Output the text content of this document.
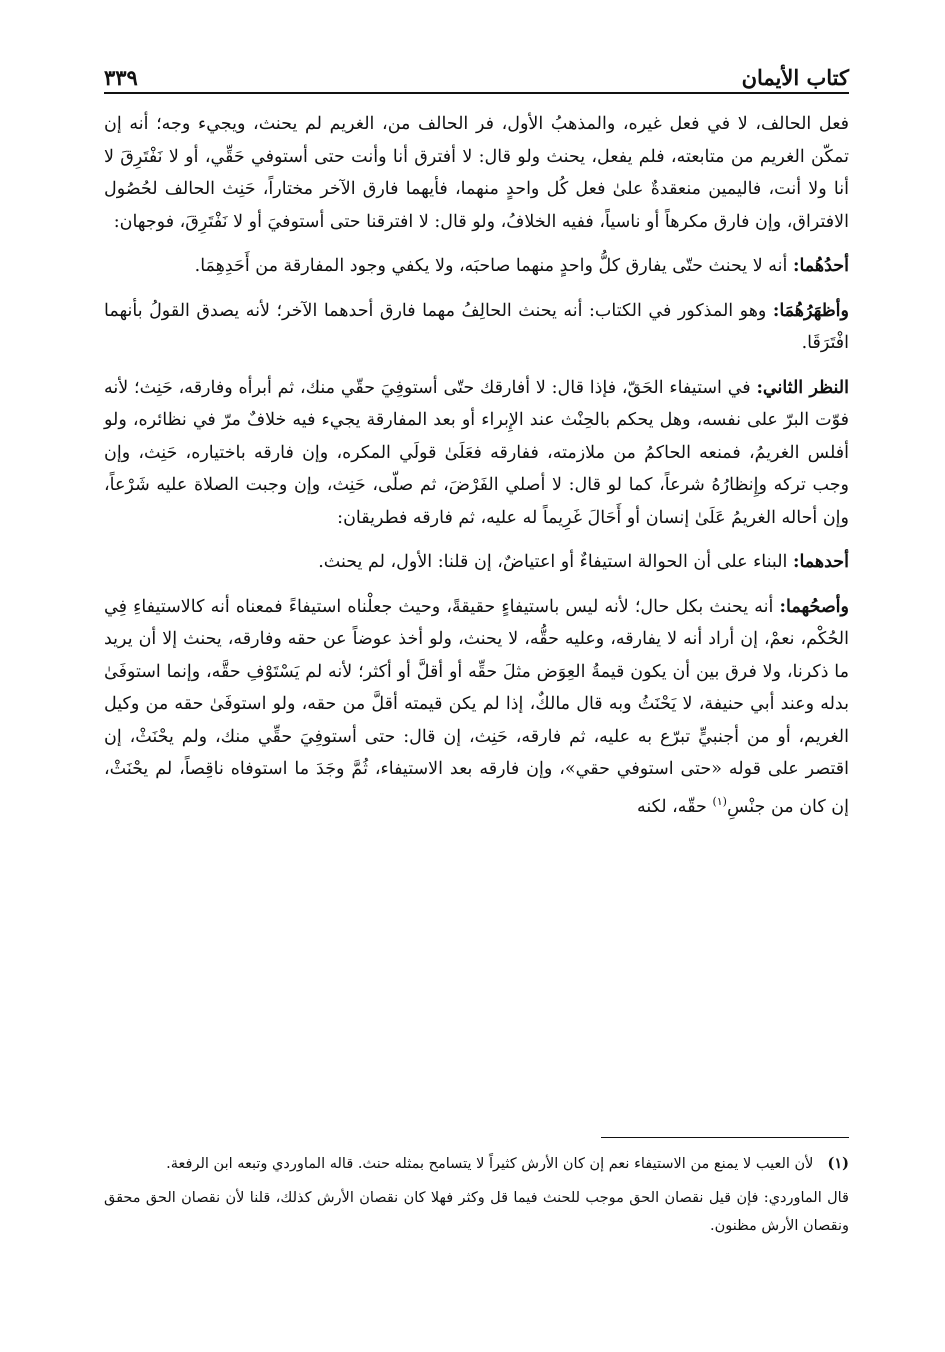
كتاب الأيمان
٣٣٩

فعل الحالف، لا في فعل غيره، والمذهبُ الأول، فر الحالف من، الغريم لم يحنث، ويجيء وجه؛ أنه إن تمكّن الغريم من متابعته، فلم يفعل، يحنث ولو قال: لا أفترق أنا وأنت حتى أستوفي حَقِّي، أو لا نَفْتَرِقَ لا أنا ولا أنت، فاليمين منعقدةٌ علىٰ فعل كُل واحدٍ منهما، فأيهما فارق الآخر مختاراً، حَنِث الحالف لحُصُول الافتراق، وإن فارق مكرهاً أو ناسياً، ففيه الخلافُ، ولو قال: لا افترقنا حتى أستوفيَ أو لا نَفْتَرِقَ، فوجهان:

أحدُهُما: أنه لا يحنث حتّى يفارق كلُّ واحدٍ منهما صاحبَه، ولا يكفي وجود المفارقة من أَحَدِهِمَا.

وأظهَرُهُمَا: وهو المذكور في الكتاب: أنه يحنث الحالِفُ مهما فارق أحدهما الآخر؛ لأنه يصدق القولُ بأنهما افْتَرَقَا.

النظر الثاني: في استيفاء الحَقّ، فإذا قال: لا أفارقك حتّى أستوفِيَ حقّي منك، ثم أبرأه وفارقه، حَنِث؛ لأنه فوّت البرّ على نفسه، وهل يحكم بالحِنْث عند الإِبراء أو بعد المفارقة يجيء فيه خلافٌ مرّ في نظائره، ولو أفلس الغريمُ، فمنعه الحاكمُ من ملازمته، ففارقه فعَلَىٰ قولَي المكره، وإن فارقه باختياره، حَنِث، وإن وجب تركه وإِنظارُهُ شرعاً، كما لو قال: لا أصلي الفَرْضَ، ثم صلّى، حَنِث، وإن وجبت الصلاة عليه شَرْعاً، وإن أحاله الغريمُ عَلَىٰ إنسان أو أَحَالَ غَرِيماً له عليه، ثم فارقه فطريقان:

أحدهما: البناء على أن الحوالة استيفاءٌ أو اعتياضٌ، إن قلنا: الأول، لم يحنث.

وأصحُهما: أنه يحنث بكل حال؛ لأنه ليس باستيفاءٍ حقيقةً، وحيث جعلْناه استيفاءً فمعناه أنه كالاستيفاءِ فِي الحُكْم، نعمْ، إن أراد أنه لا يفارقه، وعليه حقُّه، لا يحنث، ولو أخذ عوضاً عن حقه وفارقه، يحنث إلا أن يريد ما ذكرنا، ولا فرق بين أن يكون قيمةُ العِوَض مثلَ حقِّه أو أقلَّ أو أكثر؛ لأنه لم يَسْتَوْفِ حقَّه، وإنما استوفَىٰ بدله وعند أبي حنيفة، لا يَحْنَثُ وبه قال مالكٌ، إذا لم يكن قيمته أقلَّ من حقه، ولو استوفَىٰ حقه من وكيل الغريم، أو من أجنبيٍّ تبرّع به عليه، ثم فارقه، حَنِث، إن قال: حتى أستوفِيَ حقِّي منك، ولم يحْنَثْ، إن اقتصر على قوله «حتى استوفي حقي»، وإن فارقه بعد الاستيفاء، ثُمَّ وجَدَ ما استوفاه ناقِصاً، لم يحْنَثْ، إن كان من جنْسِ$^{(١)}$ حقّه، لكنه

(١)
لأن العيب لا يمنع من الاستيفاء نعم إن كان الأرش كثيراً لا يتسامح بمثله حنث. قاله الماوردي وتبعه ابن الرفعة.

قال الماوردي: فإن قيل نقصان الحق موجب للحنث فيما قل وكثر فهلا كان نقصان الأرش كذلك، قلنا لأن نقصان الحق محقق ونقصان الأرش مظنون.
